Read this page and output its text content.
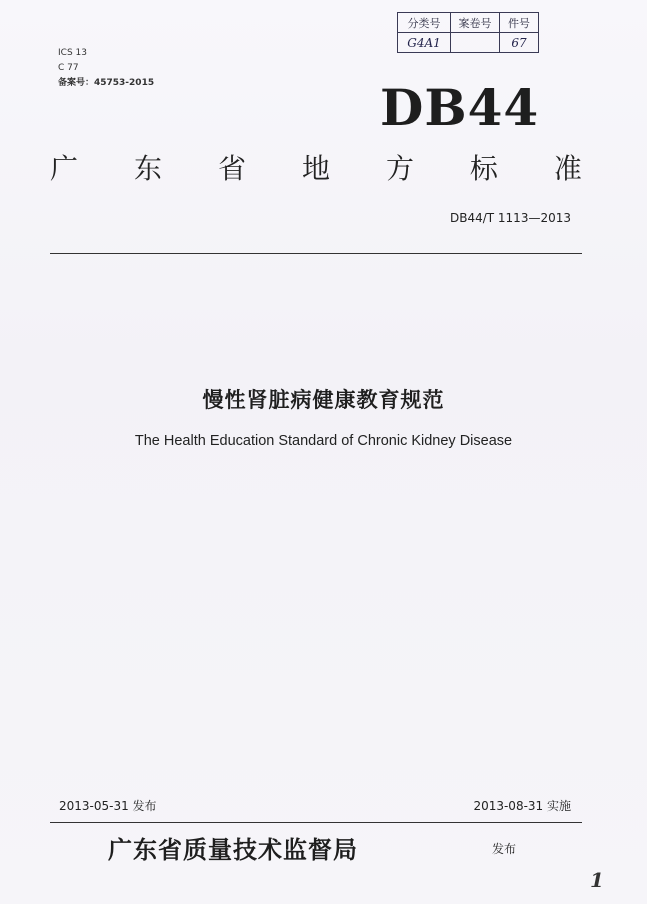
ICS 13
C 77
备案号：45753-2015
分类号	案卷号	件号
G4A1		67
DB44
广 东 省 地 方 标 准
DB44/T 1113—2013
慢性肾脏病健康教育规范
The Health Education Standard of Chronic Kidney Disease
2013-05-31 发布	2013-08-31 实施
广东省质量技术监督局	发布
1
